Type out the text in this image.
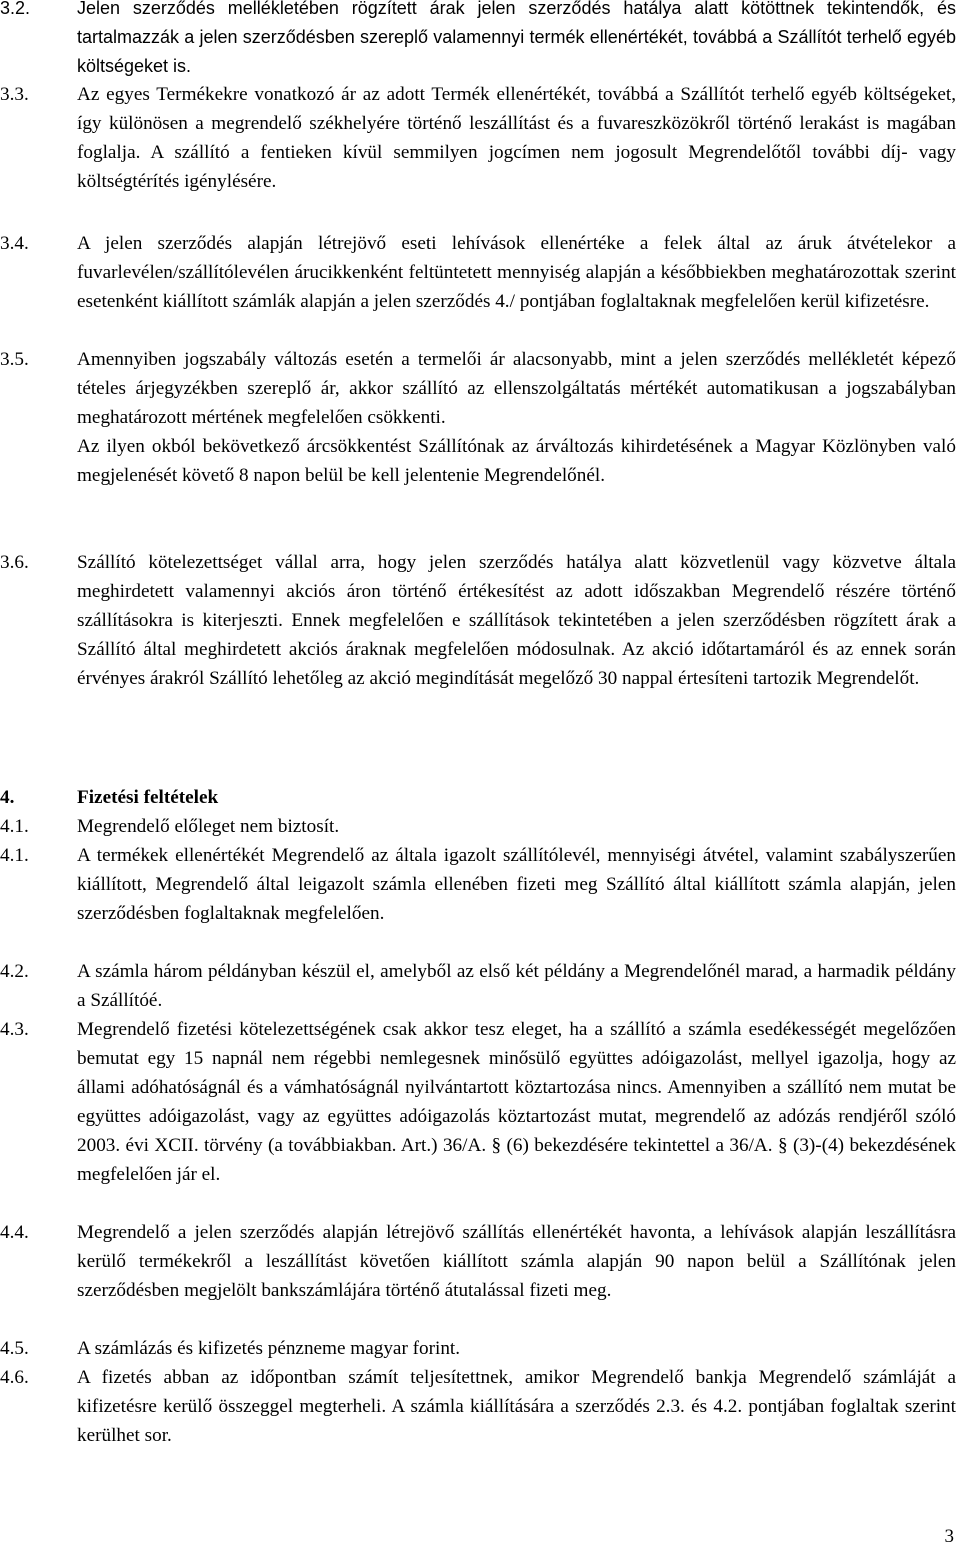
3.2.	Jelen szerződés mellékletében rögzített árak jelen szerződés hatálya alatt kötöttnek tekintendők, és tartalmazzák a jelen szerződésben szereplő valamennyi termék ellenértékét, továbbá a Szállítót terhelő egyéb költségeket is.

3.3.	Az egyes Termékekre vonatkozó ár az adott Termék ellenértékét, továbbá a Szállítót terhelő egyéb költségeket, így különösen a megrendelő székhelyére történő leszállítást és a fuvareszközökről történő lerakást is magában foglalja. A szállító a fentieken kívül semmilyen jogcímen nem jogosult Megrendelőtől további díj- vagy költségtérítés igénylésére.

3.4.	A jelen szerződés alapján létrejövő eseti lehívások ellenértéke a felek által az áruk átvételekor a fuvarlevélen/szállítólevélen árucikkenként feltüntetett mennyiség alapján a későbbiekben meghatározottak szerint esetenként kiállított számlák alapján a jelen szerződés 4./ pontjában foglaltaknak megfelelően kerül kifizetésre.

3.5.	Amennyiben jogszabály változás esetén a termelői ár alacsonyabb, mint a jelen szerződés mellékletét képező tételes árjegyzékben szereplő ár, akkor szállító az ellenszolgáltatás mértékét automatikusan a jogszabályban meghatározott mértének megfelelően csökkenti.

Az ilyen okból bekövetkező árcsökkentést Szállítónak az árváltozás kihirdetésének a Magyar Közlönyben való megjelenését követő 8 napon belül be kell jelentenie Megrendelőnél.

3.6.	Szállító kötelezettséget vállal arra, hogy jelen szerződés hatálya alatt közvetlenül vagy közvetve általa meghirdetett valamennyi akciós áron történő értékesítést az adott időszakban Megrendelő részére történő szállításokra is kiterjeszti. Ennek megfelelően e szállítások tekintetében a jelen szerződésben rögzített árak a Szállító által meghirdetett akciós áraknak megfelelően módosulnak. Az akció időtartamáról és az ennek során érvényes árakról Szállító lehetőleg az akció megindítását megelőző 30 nappal értesíteni tartozik Megrendelőt.

4.	Fizetési feltételek
4.1.	Megrendelő előleget nem biztosít.

4.1.	A termékek ellenértékét Megrendelő az általa igazolt szállítólevél, mennyiségi átvétel, valamint szabályszerűen kiállított, Megrendelő által leigazolt számla ellenében fizeti meg Szállító által kiállított számla alapján, jelen szerződésben foglaltaknak megfelelően.

4.2.	A számla három példányban készül el, amelyből az első két példány a Megrendelőnél marad, a harmadik példány a Szállítóé.

4.3.	Megrendelő fizetési kötelezettségének csak akkor tesz eleget, ha a szállító a számla esedékességét megelőzően bemutat egy 15 napnál nem régebbi nemlegesnek minősülő együttes adóigazolást, mellyel igazolja, hogy az állami adóhatóságnál és a vámhatóságnál nyilvántartott köztartozása nincs. Amennyiben a szállító nem mutat be együttes adóigazolást, vagy az együttes adóigazolás köztartozást mutat, megrendelő az adózás rendjéről szóló 2003. évi XCII. törvény (a továbbiakban. Art.) 36/A. § (6) bekezdésére tekintettel a 36/A. § (3)-(4) bekezdésének megfelelően jár el.

4.4.	Megrendelő a jelen szerződés alapján létrejövő szállítás ellenértékét havonta, a lehívások alapján leszállításra kerülő termékekről a leszállítást követően kiállított számla alapján 90 napon belül a Szállítónak jelen szerződésben megjelölt bankszámlájára történő átutalással fizeti meg.

4.5.	A számlázás és kifizetés pénzneme magyar forint.

4.6.	A fizetés abban az időpontban számít teljesítettnek, amikor Megrendelő bankja Megrendelő számláját a kifizetésre kerülő összeggel megterheli. A számla kiállítására a szerződés 2.3. és 4.2. pontjában foglaltak szerint kerülhet sor.

3
